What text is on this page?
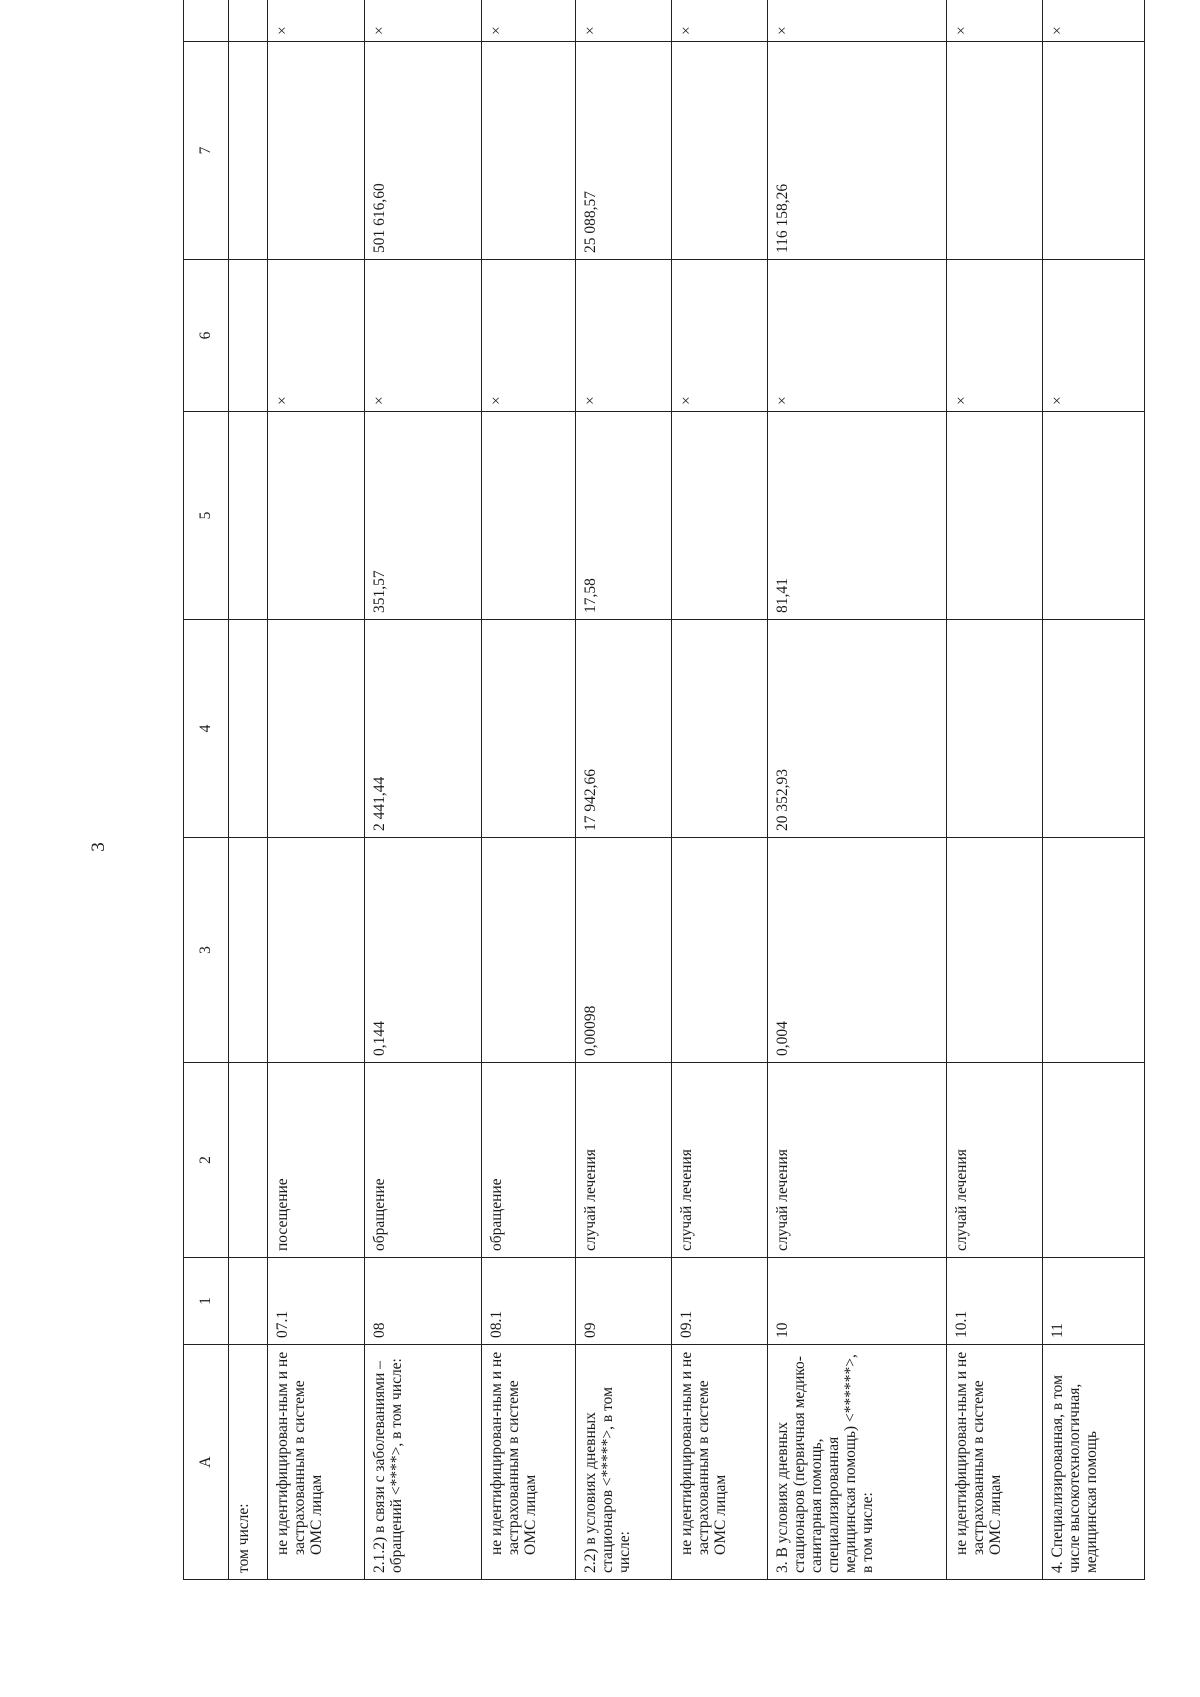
3
А	1	2	3	4	5	6	7		
том числе:									

не идентифицирован-ным и не застрахованным в системе ОМС лицам	07.1	посещение				×		×	
2.1.2) в связи с заболеваниями – обращений <****>, в том числе:	08	обращение	0,144	2 441,44	351,57	×	501 616,60	×	

не идентифицирован-ным и не застрахованным в системе ОМС лицам	08.1	обращение				×		×	
2.2) в условиях дневных стационаров <*****>, в том числе:	09	случай лечения	0,00098	17 942,66	17,58	×	25 088,57	×	

не идентифицирован-ным и не застрахованным в системе ОМС лицам	09.1	случай лечения				×		×	
3. В условиях дневных стационаров (первичная медико-санитарная помощь, специализированная медицинская помощь) <******>, в том числе:	10	случай лечения	0,004	20 352,93	81,41	×	116 158,26	×	

не идентифицирован-ным и не застрахованным в системе ОМС лицам	10.1	случай лечения				×		×	
4. Специализированная, в том числе высокотехнологичная, медицинская помощь	11					×		×	
